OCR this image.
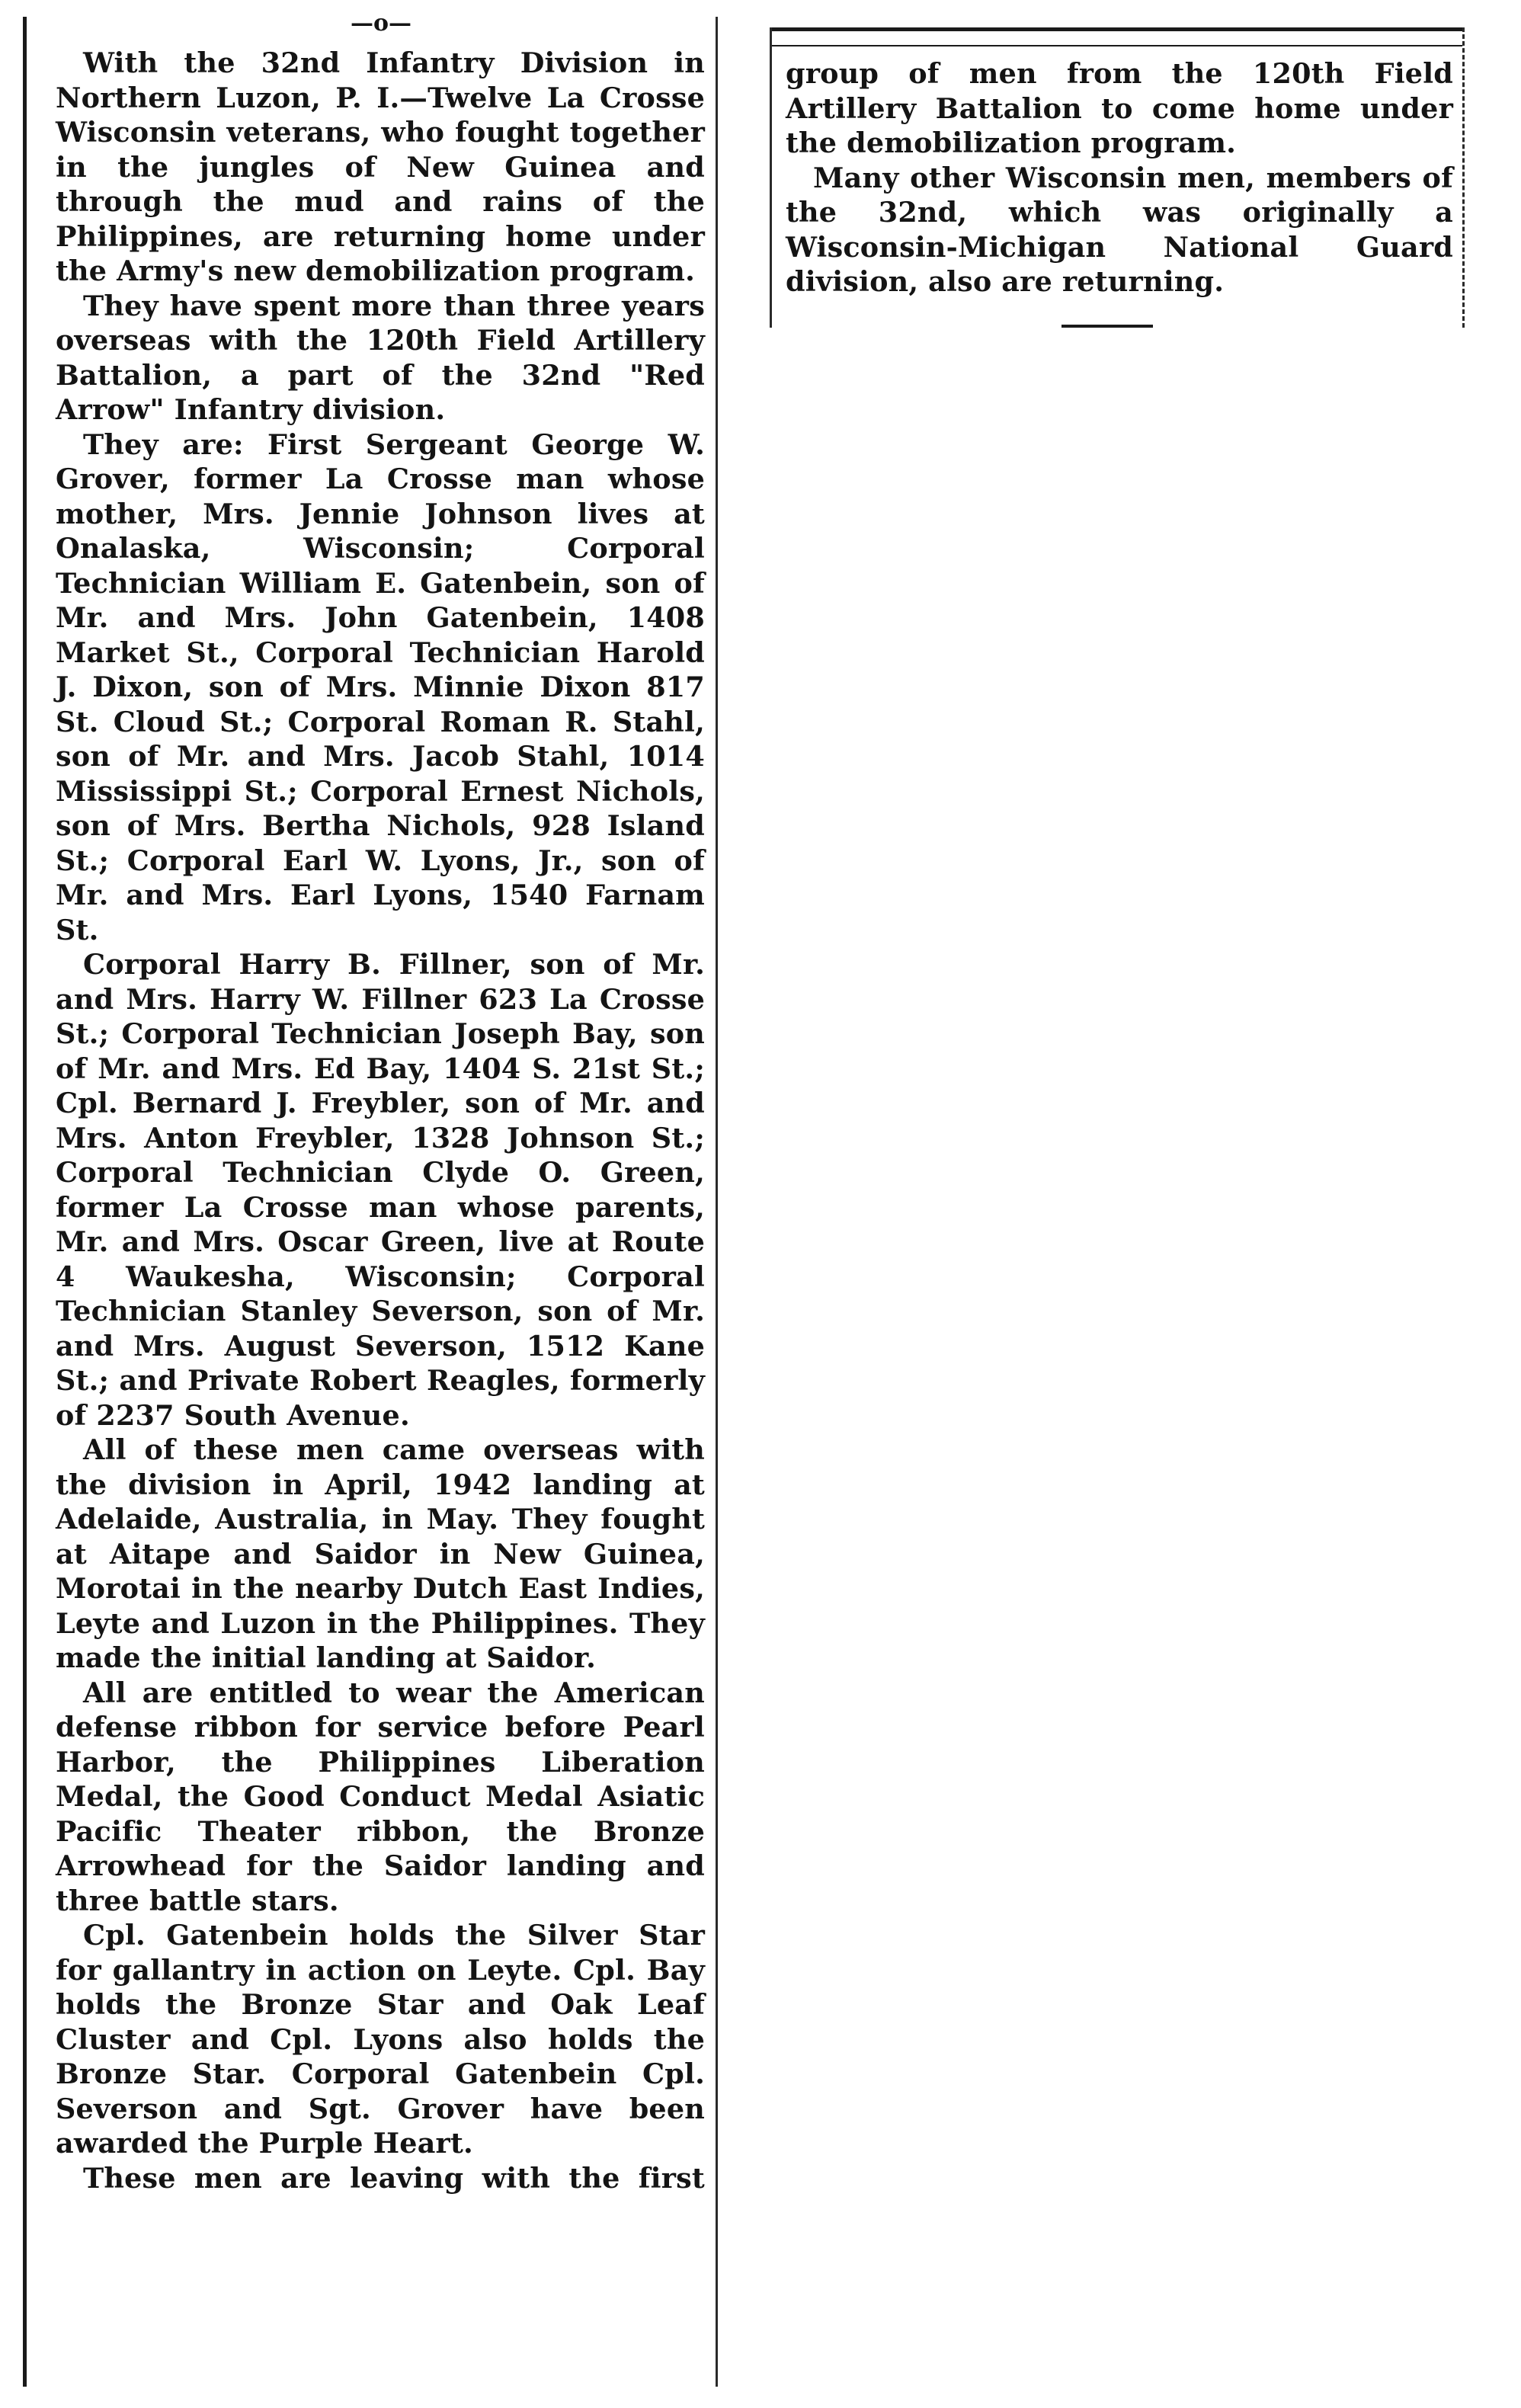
—o—

With the 32nd Infantry Division in Northern Luzon, P. I.—Twelve La Crosse Wisconsin veterans, who fought together in the jungles of New Guinea and through the mud and rains of the Philippines, are returning home under the Army's new demobilization program.

They have spent more than three years overseas with the 120th Field Artillery Battalion, a part of the 32nd "Red Arrow" Infantry division.

They are: First Sergeant George W. Grover, former La Crosse man whose mother, Mrs. Jennie Johnson lives at Onalaska, Wisconsin; Corporal Technician William E. Gatenbein, son of Mr. and Mrs. John Gatenbein, 1408 Market St., Corporal Technician Harold J. Dixon, son of Mrs. Minnie Dixon 817 St. Cloud St.; Corporal Roman R. Stahl, son of Mr. and Mrs. Jacob Stahl, 1014 Mississippi St.; Corporal Ernest Nichols, son of Mrs. Bertha Nichols, 928 Island St.; Corporal Earl W. Lyons, Jr., son of Mr. and Mrs. Earl Lyons, 1540 Farnam St.

Corporal Harry B. Fillner, son of Mr. and Mrs. Harry W. Fillner 623 La Crosse St.; Corporal Technician Joseph Bay, son of Mr. and Mrs. Ed Bay, 1404 S. 21st St.; Cpl. Bernard J. Freybler, son of Mr. and Mrs. Anton Freybler, 1328 Johnson St.; Corporal Technician Clyde O. Green, former La Crosse man whose parents, Mr. and Mrs. Oscar Green, live at Route 4 Waukesha, Wisconsin; Corporal Technician Stanley Severson, son of Mr. and Mrs. August Severson, 1512 Kane St.; and Private Robert Reagles, formerly of 2237 South Avenue.

All of these men came overseas with the division in April, 1942 landing at Adelaide, Australia, in May. They fought at Aitape and Saidor in New Guinea, Morotai in the nearby Dutch East Indies, Leyte and Luzon in the Philippines. They made the initial landing at Saidor.

All are entitled to wear the American defense ribbon for service before Pearl Harbor, the Philippines Liberation Medal, the Good Conduct Medal Asiatic Pacific Theater ribbon, the Bronze Arrowhead for the Saidor landing and three battle stars.

Cpl. Gatenbein holds the Silver Star for gallantry in action on Leyte. Cpl. Bay holds the Bronze Star and Oak Leaf Cluster and Cpl. Lyons also holds the Bronze Star. Corporal Gatenbein Cpl. Severson and Sgt. Grover have been awarded the Purple Heart.

These men are leaving with the first

group of men from the 120th Field Artillery Battalion to come home under the demobilization program.

Many other Wisconsin men, members of the 32nd, which was originally a Wisconsin-Michigan National Guard division, also are returning.
